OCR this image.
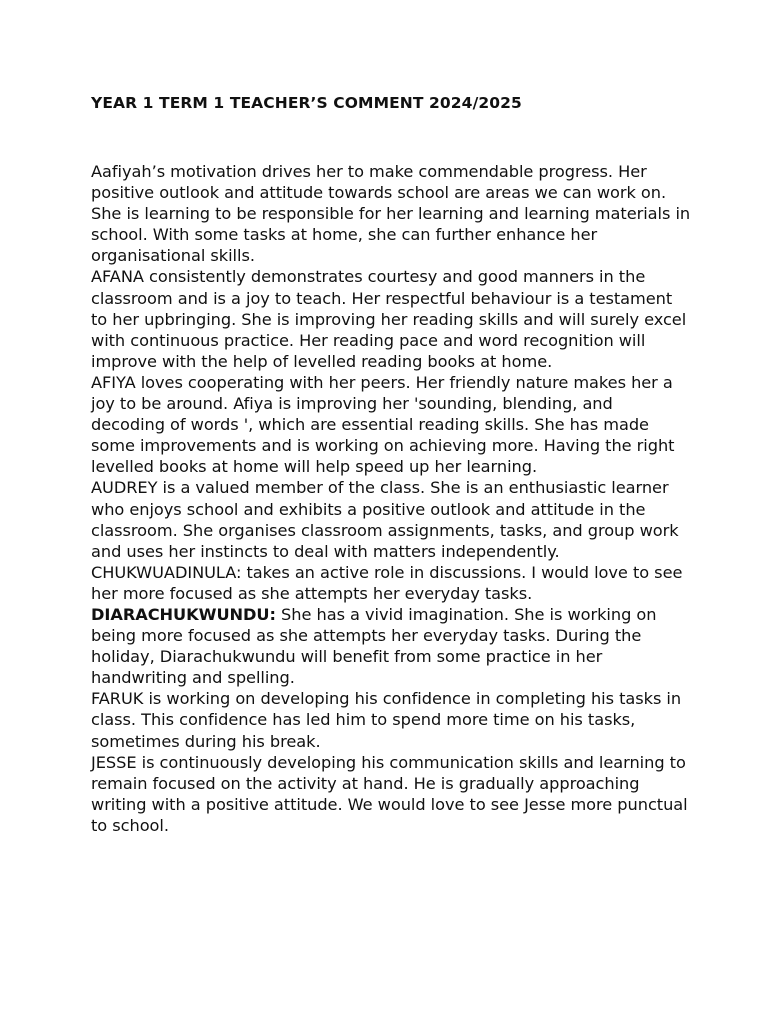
YEAR 1 TERM 1 TEACHER’S COMMENT 2024/2025

Aafiyah’s motivation drives her to make commendable progress. Her positive outlook and attitude towards school are areas we can work on. She is learning to be responsible for her learning and learning materials in school. With some tasks at home, she can further enhance her organisational skills.

AFANA consistently demonstrates courtesy and good manners in the classroom and is a joy to teach. Her respectful behaviour is a testament to her upbringing. She is improving her reading skills and will surely excel with continuous practice. Her reading pace and word recognition will improve with the help of levelled reading books at home.

AFIYA loves cooperating with her peers. Her friendly nature makes her a joy to be around. Afiya is improving her 'sounding, blending, and decoding of words ', which are essential reading skills. She has made some improvements and is working on achieving more. Having the right levelled books at home will help speed up her learning.

AUDREY is a valued member of the class. She is an enthusiastic learner who enjoys school and exhibits a positive outlook and attitude in the classroom. She organises classroom assignments, tasks, and group work and uses her instincts to deal with matters independently.

CHUKWUADINULA: takes an active role in discussions. I would love to see her more focused as she attempts her everyday tasks.

DIARACHUKWUNDU: She has a vivid imagination. She is working on being more focused as she attempts her everyday tasks. During the holiday, Diarachukwundu will benefit from some practice in her handwriting and spelling.

FARUK is working on developing his confidence in completing his tasks in class. This confidence has led him to spend more time on his tasks, sometimes during his break.

JESSE is continuously developing his communication skills and learning to remain focused on the activity at hand. He is gradually approaching writing with a positive attitude. We would love to see Jesse more punctual to school.
